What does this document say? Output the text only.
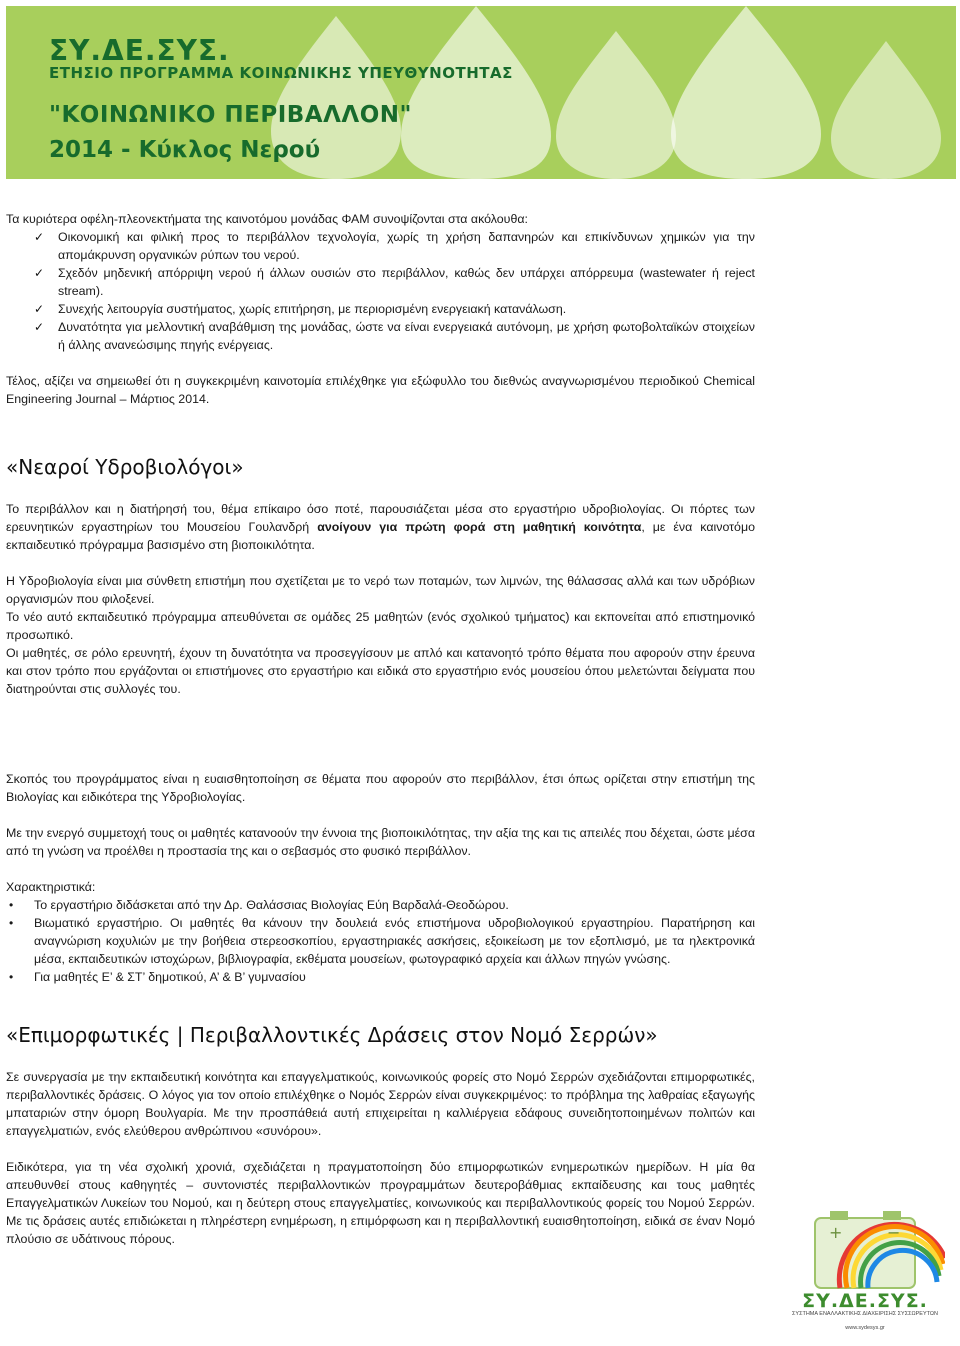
ΣΥ.ΔΕ.ΣΥΣ.
ΕΤΗΣΙΟ ΠΡΟΓΡΑΜΜΑ ΚΟΙΝΩΝΙΚΗΣ ΥΠΕΥΘΥΝΟΤΗΤΑΣ
"ΚΟΙΝΩΝΙΚΟ ΠΕΡΙΒΑΛΛΟΝ"
2014 - Κύκλος Νερού

Τα κυριότερα οφέλη-πλεονεκτήματα της καινοτόμου μονάδας ΦΑΜ συνοψίζονται στα ακόλουθα:

✓ Οικονομική και φιλική προς το περιβάλλον τεχνολογία, χωρίς τη χρήση δαπανηρών και επικίνδυνων χημικών για την απομάκρυνση οργανικών ρύπων του νερού.
✓ Σχεδόν μηδενική απόρριψη νερού ή άλλων ουσιών στο περιβάλλον, καθώς δεν υπάρχει απόρρευμα (wastewater ή reject stream).
✓ Συνεχής λειτουργία συστήματος, χωρίς επιτήρηση, με περιορισμένη ενεργειακή κατανάλωση.
✓ Δυνατότητα για μελλοντική αναβάθμιση της μονάδας, ώστε να είναι ενεργειακά αυτόνομη, με χρήση φωτοβολταϊκών στοιχείων ή άλλης ανανεώσιμης πηγής ενέργειας.

Τέλος, αξίζει να σημειωθεί ότι η συγκεκριμένη καινοτομία επιλέχθηκε για εξώφυλλο του διεθνώς αναγνωρισμένου περιοδικού Chemical Engineering Journal – Μάρτιος 2014.

«Νεαροί Υδροβιολόγοι»

Το περιβάλλον και η διατήρησή του, θέμα επίκαιρο όσο ποτέ, παρουσιάζεται μέσα στο εργαστήριο υδροβιολογίας. Οι πόρτες των ερευνητικών εργαστηρίων του Μουσείου Γουλανδρή ανοίγουν για πρώτη φορά στη μαθητική κοινότητα, με ένα καινοτόμο εκπαιδευτικό πρόγραμμα βασισμένο στη βιοποικιλότητα.

Η Υδροβιολογία είναι μια σύνθετη επιστήμη που σχετίζεται με το νερό των ποταμών, των λιμνών, της θάλασσας αλλά και των υδρόβιων οργανισμών που φιλοξενεί.

Το νέο αυτό εκπαιδευτικό πρόγραμμα απευθύνεται σε ομάδες 25 μαθητών (ενός σχολικού τμήματος) και εκπονείται από επιστημονικό προσωπικό.

Οι μαθητές, σε ρόλο ερευνητή, έχουν τη δυνατότητα να προσεγγίσουν με απλό και κατανοητό τρόπο θέματα που αφορούν στην έρευνα και στον τρόπο που εργάζονται οι επιστήμονες στο εργαστήριο και ειδικά στο εργαστήριο ενός μουσείου όπου μελετώνται δείγματα που διατηρούνται στις συλλογές του.

Σκοπός του προγράμματος είναι η ευαισθητοποίηση σε θέματα που αφορούν στο περιβάλλον, έτσι όπως ορίζεται στην επιστήμη της Βιολογίας και ειδικότερα της Υδροβιολογίας.

Με την ενεργό συμμετοχή τους οι μαθητές κατανοούν την έννοια της βιοποικιλότητας, την αξία της και τις απειλές που δέχεται, ώστε μέσα από τη γνώση να προέλθει η προστασία της και ο σεβασμός στο φυσικό περιβάλλον.

Χαρακτηριστικά:

• Το εργαστήριο διδάσκεται από την Δρ. Θαλάσσιας Βιολογίας Εύη Βαρδαλά-Θεοδώρου.
• Βιωματικό εργαστήριο. Οι μαθητές θα κάνουν την δουλειά ενός επιστήμονα υδροβιολογικού εργαστηρίου. Παρατήρηση και αναγνώριση κοχυλιών με την βοήθεια στερεοσκοπίου, εργαστηριακές ασκήσεις, εξοικείωση με τον εξοπλισμό, με τα ηλεκτρονικά μέσα, εκπαιδευτικών ιστοχώρων, βιβλιογραφία, εκθέματα μουσείων, φωτογραφικό αρχεία και άλλων πηγών γνώσης.
• Για μαθητές Ε’ & ΣΤ’ δημοτικού, Α’ & Β’ γυμνασίου
«Επιμορφωτικές | Περιβαλλοντικές Δράσεις στον Νομό Σερρών»

Σε συνεργασία με την εκπαιδευτική κοινότητα και επαγγελματικούς, κοινωνικούς φορείς στο Νομό Σερρών σχεδιάζονται επιμορφωτικές, περιβαλλοντικές δράσεις. Ο λόγος για τον οποίο επιλέχθηκε ο Νομός Σερρών είναι συγκεκριμένος: το πρόβλημα της λαθραίας εξαγωγής μπαταριών στην όμορη Βουλγαρία. Με την προσπάθειά αυτή επιχειρείται η καλλιέργεια εδάφους συνειδητοποιημένων πολιτών και επαγγελματιών, ενός ελεύθερου ανθρώπινου «συνόρου».

Ειδικότερα, για τη νέα σχολική χρονιά, σχεδιάζεται η πραγματοποίηση δύο επιμορφωτικών ενημερωτικών ημερίδων. Η μία θα απευθυνθεί στους καθηγητές – συντονιστές περιβαλλοντικών προγραμμάτων δευτεροβάθμιας εκπαίδευσης και τους μαθητές Επαγγελματικών Λυκείων του Νομού, και η δεύτερη στους επαγγελματίες, κοινωνικούς και περιβαλλοντικούς φορείς του Νομού Σερρών. Με τις δράσεις αυτές επιδιώκεται η πληρέστερη ενημέρωση, η επιμόρφωση και η περιβαλλοντική ευαισθητοποίηση, ειδικά σε έναν Νομό πλούσιο σε υδάτινους πόρους.	+	−
ΣΥ.ΔΕ.ΣΥΣ.
ΣΥΣΤΗΜΑ ΕΝΑΛΛΑΚΤΙΚΗΣ ΔΙΑΧΕΙΡΙΣΗΣ ΣΥΣΣΩΡΕΥΤΩΝ
www.sydesys.gr
